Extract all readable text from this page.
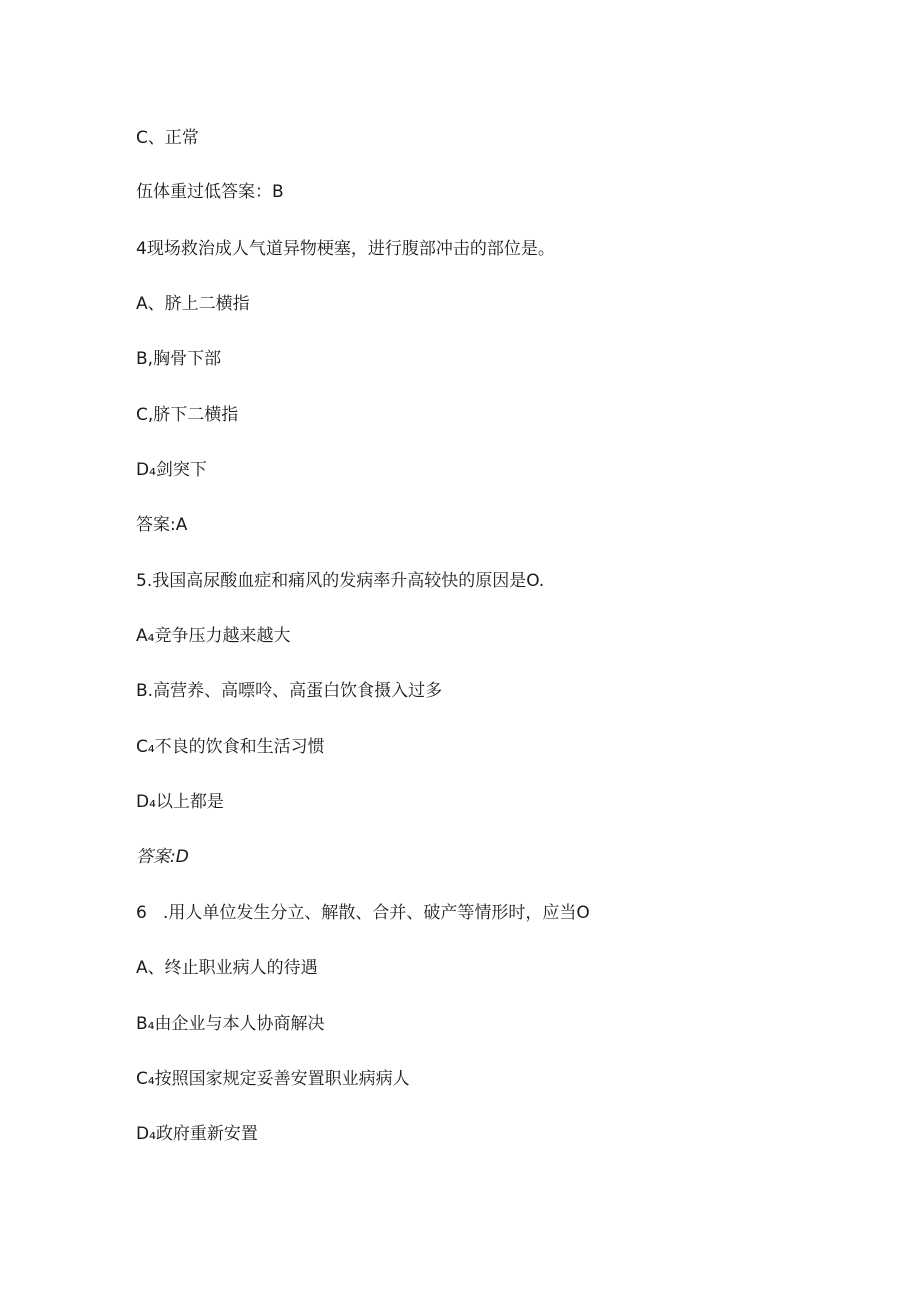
C、正常
伍体重过低答案：B
4现场救治成人气道异物梗塞，进行腹部冲击的部位是。
A、脐上二横指
B,胸骨下部
C,脐下二横指
D₄剑突下
答案:A
5.我国高尿酸血症和痛风的发病率升高较快的原因是O.
A₄竞争压力越来越大
B.高营养、高嘌呤、高蛋白饮食摄入过多
C₄不良的饮食和生活习惯
D₄以上都是
答案:D
6   .用人单位发生分立、解散、合并、破产等情形时，应当O
A、终止职业病人的待遇
B₄由企业与本人协商解决
C₄按照国家规定妥善安置职业病病人
D₄政府重新安置
